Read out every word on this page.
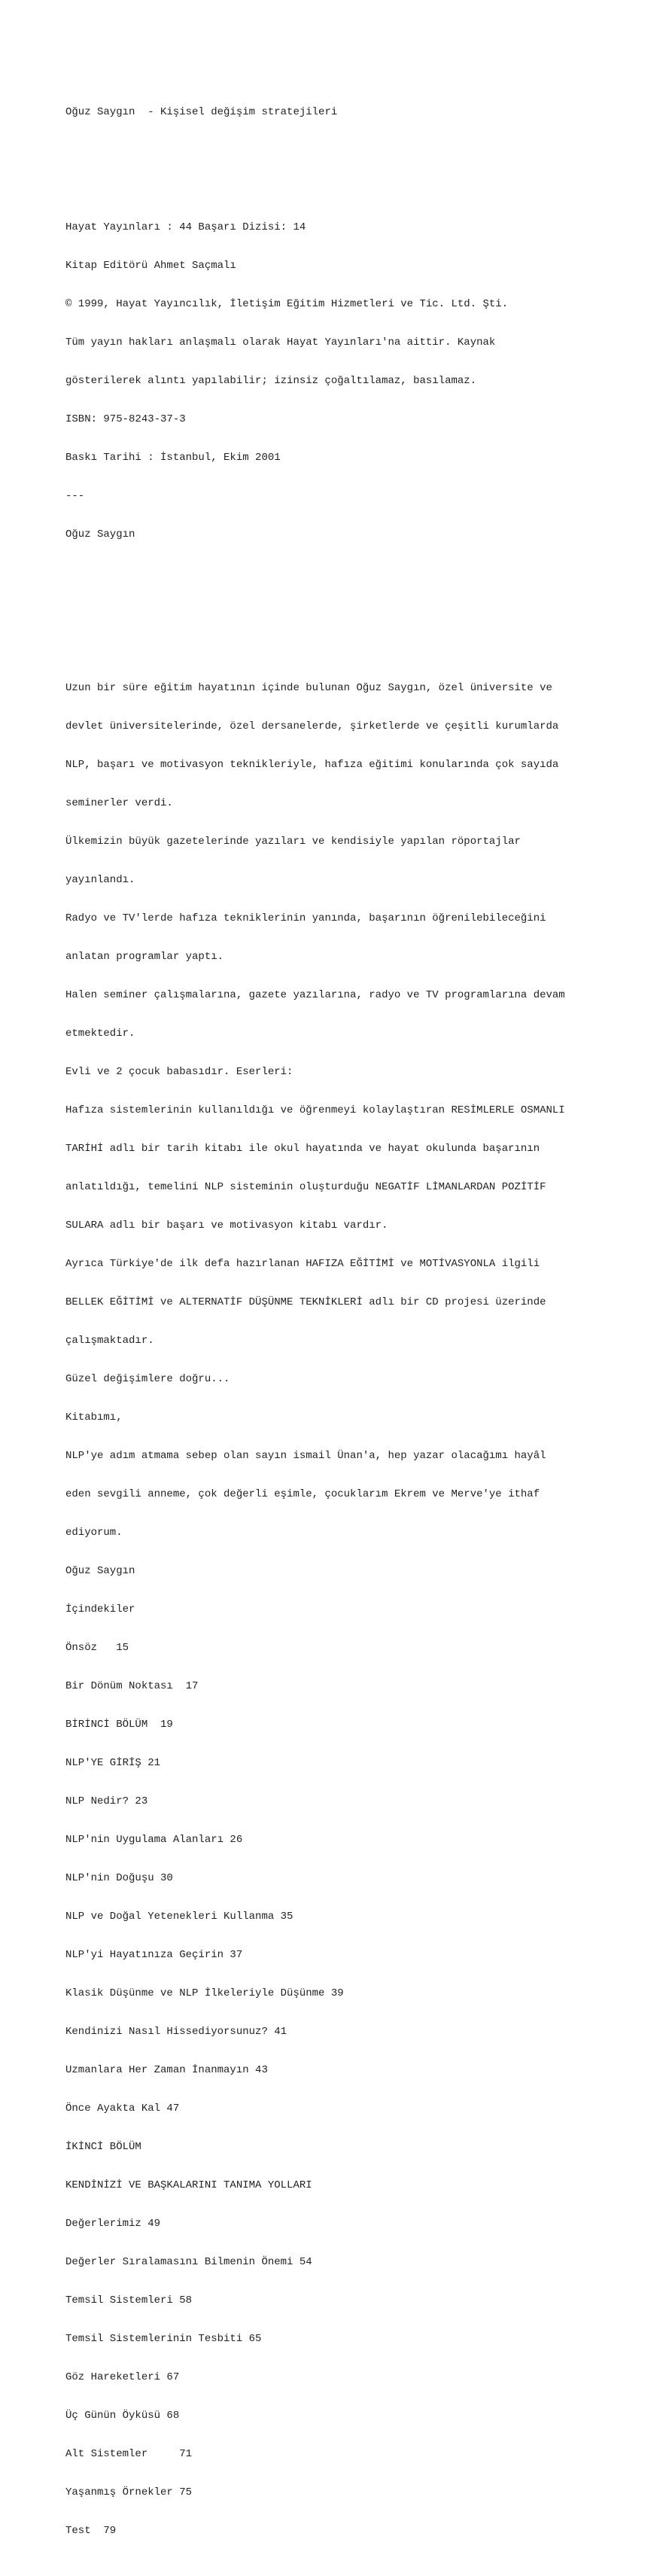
Oğuz Saygın  - Kişisel değişim stratejileri

Hayat Yayınları : 44 Başarı Dizisi: 14

Kitap Editörü Ahmet Saçmalı

© 1999, Hayat Yayıncılık, İletişim Eğitim Hizmetleri ve Tic. Ltd. Şti.

Tüm yayın hakları anlaşmalı olarak Hayat Yayınları'na aittir. Kaynak

gösterilerek alıntı yapılabilir; izinsiz çoğaltılamaz, basılamaz.

ISBN: 975-8243-37-3

Baskı Tarihi : İstanbul, Ekim 2001

---

Oğuz Saygın

Uzun bir süre eğitim hayatının içinde bulunan Oğuz Saygın, özel üniversite ve

devlet üniversitelerinde, özel dersanelerde, şirketlerde ve çeşitli kurumlarda

NLP, başarı ve motivasyon teknikleriyle, hafıza eğitimi konularında çok sayıda

seminerler verdi.

Ülkemizin büyük gazetelerinde yazıları ve kendisiyle yapılan röportajlar

yayınlandı.

Radyo ve TV'lerde hafıza tekniklerinin yanında, başarının öğrenilebileceğini

anlatan programlar yaptı.

Halen seminer çalışmalarına, gazete yazılarına, radyo ve TV programlarına devam

etmektedir.

Evli ve 2 çocuk babasıdır. Eserleri:

Hafıza sistemlerinin kullanıldığı ve öğrenmeyi kolaylaştıran RESİMLERLE OSMANLI

TARİHİ adlı bir tarih kitabı ile okul hayatında ve hayat okulunda başarının

anlatıldığı, temelini NLP sisteminin oluşturduğu NEGATİF LİMANLARDAN POZİTİF

SULARA adlı bir başarı ve motivasyon kitabı vardır.

Ayrıca Türkiye'de ilk defa hazırlanan HAFIZA EĞİTİMİ ve MOTİVASYONLA ilgili

BELLEK EĞİTİMİ ve ALTERNATİF DÜŞÜNME TEKNİKLERİ adlı bir CD projesi üzerinde

çalışmaktadır.

Güzel değişimlere doğru...

Kitabımı,

NLP'ye adım atmama sebep olan sayın ismail Ünan'a, hep yazar olacağımı hayâl

eden sevgili anneme, çok değerli eşimle, çocuklarım Ekrem ve Merve'ye ithaf

ediyorum.

Oğuz Saygın

İçindekiler

Önsöz   15

Bir Dönüm Noktası  17

BİRİNCİ BÖLÜM  19

NLP'YE GİRİŞ 21

NLP Nedir? 23

NLP'nin Uygulama Alanları 26

NLP'nin Doğuşu 30

NLP ve Doğal Yetenekleri Kullanma 35

NLP'yi Hayatınıza Geçirin 37

Klasik Düşünme ve NLP İlkeleriyle Düşünme 39

Kendinizi Nasıl Hissediyorsunuz? 41

Uzmanlara Her Zaman İnanmayın 43

Önce Ayakta Kal 47

İKİNCİ BÖLÜM

KENDİNİZİ VE BAŞKALARINI TANIMA YOLLARI

Değerlerimiz 49

Değerler Sıralamasını Bilmenin Önemi 54

Temsil Sistemleri 58

Temsil Sistemlerinin Tesbiti 65

Göz Hareketleri 67

Üç Günün Öyküsü 68

Alt Sistemler     71

Yaşanmış Örnekler 75

Test  79
